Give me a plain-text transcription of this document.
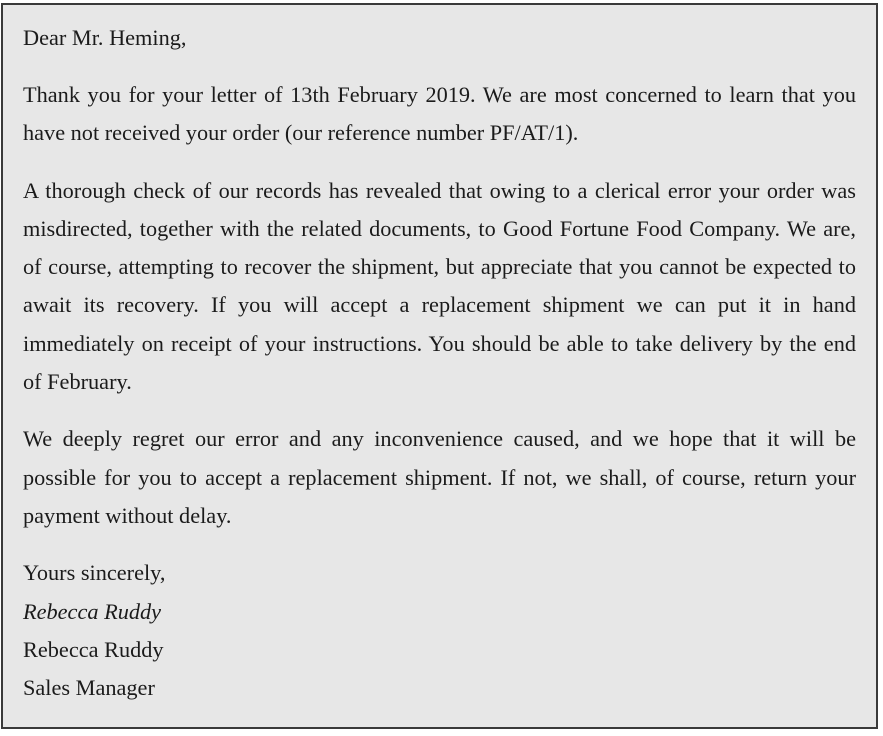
Dear Mr. Heming,

Thank you for your letter of 13th February 2019. We are most concerned to learn that you have not received your order (our reference number PF/AT/1).

A thorough check of our records has revealed that owing to a clerical error your order was misdirected, together with the related documents, to Good Fortune Food Company. We are, of course, attempting to recover the shipment, but appreciate that you cannot be expected to await its recovery. If you will accept a replacement shipment we can put it in hand immediately on receipt of your instructions. You should be able to take delivery by the end of February.

We deeply regret our error and any inconvenience caused, and we hope that it will be possible for you to accept a replacement shipment. If not, we shall, of course, return your payment without delay.

Yours sincerely,
Rebecca Ruddy
Rebecca Ruddy
Sales Manager
